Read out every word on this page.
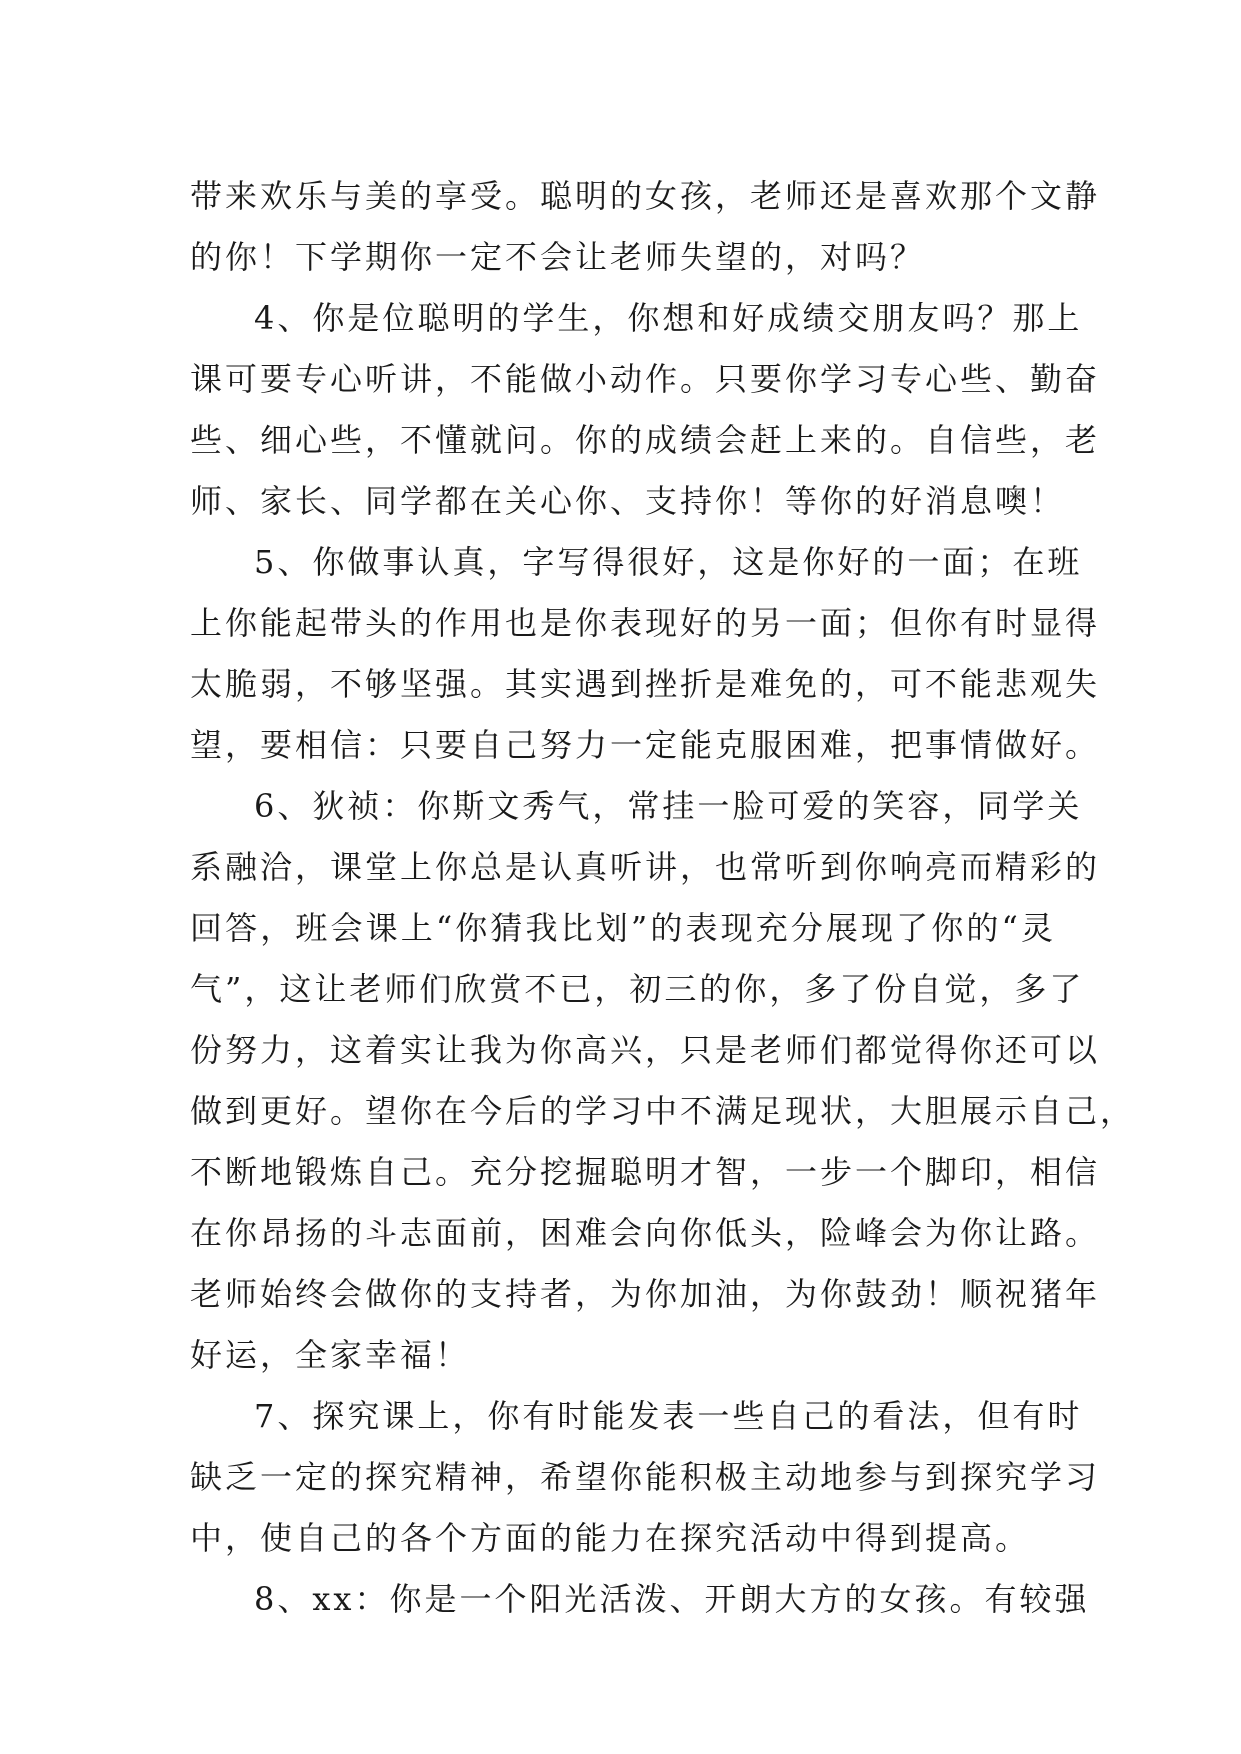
带来欢乐与美的享受。聪明的女孩，老师还是喜欢那个文静
的你！下学期你一定不会让老师失望的，对吗？
4、你是位聪明的学生，你想和好成绩交朋友吗？那上
课可要专心听讲，不能做小动作。只要你学习专心些、勤奋
些、细心些，不懂就问。你的成绩会赶上来的。自信些，老
师、家长、同学都在关心你、支持你！等你的好消息噢！
5、你做事认真，字写得很好，这是你好的一面；在班
上你能起带头的作用也是你表现好的另一面；但你有时显得
太脆弱，不够坚强。其实遇到挫折是难免的，可不能悲观失
望，要相信：只要自己努力一定能克服困难，把事情做好。
6、狄祯：你斯文秀气，常挂一脸可爱的笑容，同学关
系融洽，课堂上你总是认真听讲，也常听到你响亮而精彩的
回答，班会课上“你猜我比划”的表现充分展现了你的“灵
气”，这让老师们欣赏不已，初三的你，多了份自觉，多了
份努力，这着实让我为你高兴，只是老师们都觉得你还可以
做到更好。望你在今后的学习中不满足现状，大胆展示自己，
不断地锻炼自己。充分挖掘聪明才智，一步一个脚印，相信
在你昂扬的斗志面前，困难会向你低头，险峰会为你让路。
老师始终会做你的支持者，为你加油，为你鼓劲！顺祝猪年
好运，全家幸福！
7、探究课上，你有时能发表一些自己的看法，但有时
缺乏一定的探究精神，希望你能积极主动地参与到探究学习
中，使自己的各个方面的能力在探究活动中得到提高。
8、xx：你是一个阳光活泼、开朗大方的女孩。有较强
